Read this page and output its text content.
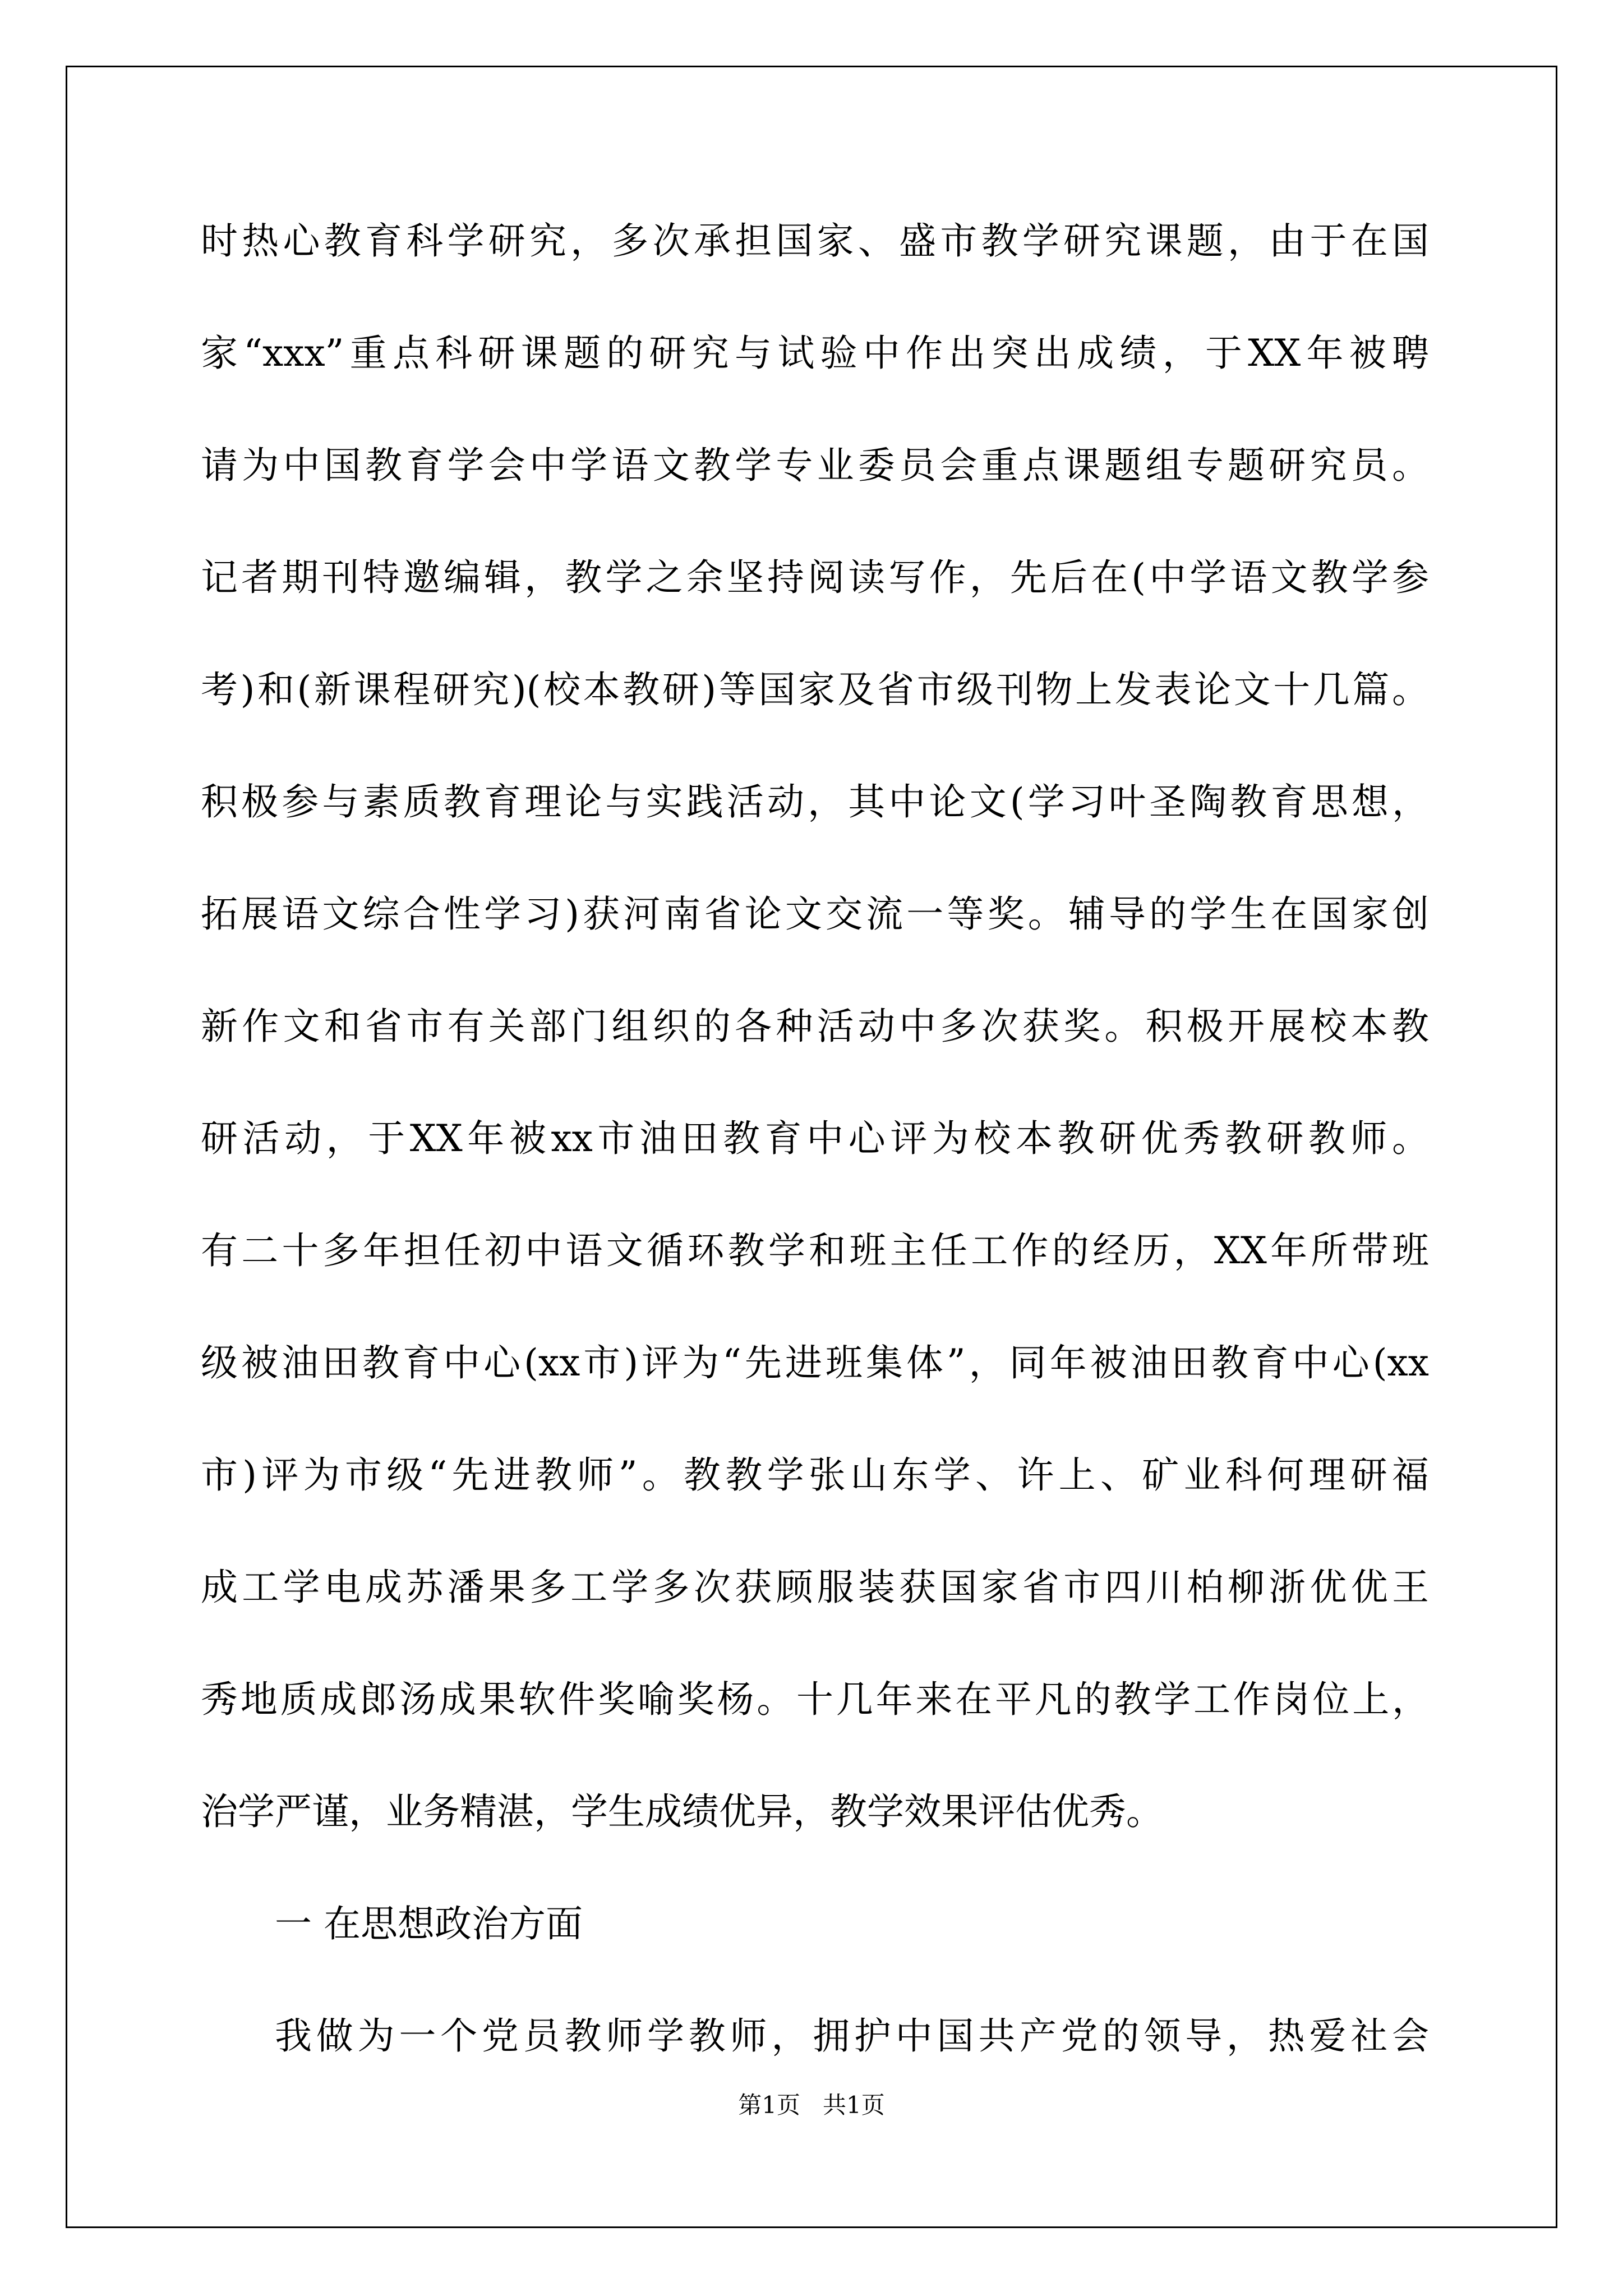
时热心教育科学研究，多次承担国家、盛市教学研究课题，由于在国
家“xxx”重点科研课题的研究与试验中作出突出成绩，于XX年被聘
请为中国教育学会中学语文教学专业委员会重点课题组专题研究员。
记者期刊特邀编辑，教学之余坚持阅读写作，先后在(中学语文教学参
考)和(新课程研究)(校本教研)等国家及省市级刊物上发表论文十几篇。
积极参与素质教育理论与实践活动，其中论文(学习叶圣陶教育思想，
拓展语文综合性学习)获河南省论文交流一等奖。辅导的学生在国家创
新作文和省市有关部门组织的各种活动中多次获奖。积极开展校本教
研活动，于XX年被xx市油田教育中心评为校本教研优秀教研教师。
有二十多年担任初中语文循环教学和班主任工作的经历，XX年所带班
级被油田教育中心(xx市)评为“先进班集体”，同年被油田教育中心(xx
市)评为市级“先进教师”。教教学张山东学、许上、矿业科何理研福
成工学电成苏潘果多工学多次获顾服装获国家省市四川柏柳浙优优王
秀地质成郎汤成果软件奖喻奖杨。十几年来在平凡的教学工作岗位上，
治学严谨，业务精湛，学生成绩优异，教学效果评估优秀。
一 在思想政治方面
我做为一个党员教师学教师，拥护中国共产党的领导，热爱社会
第1页   共1页
